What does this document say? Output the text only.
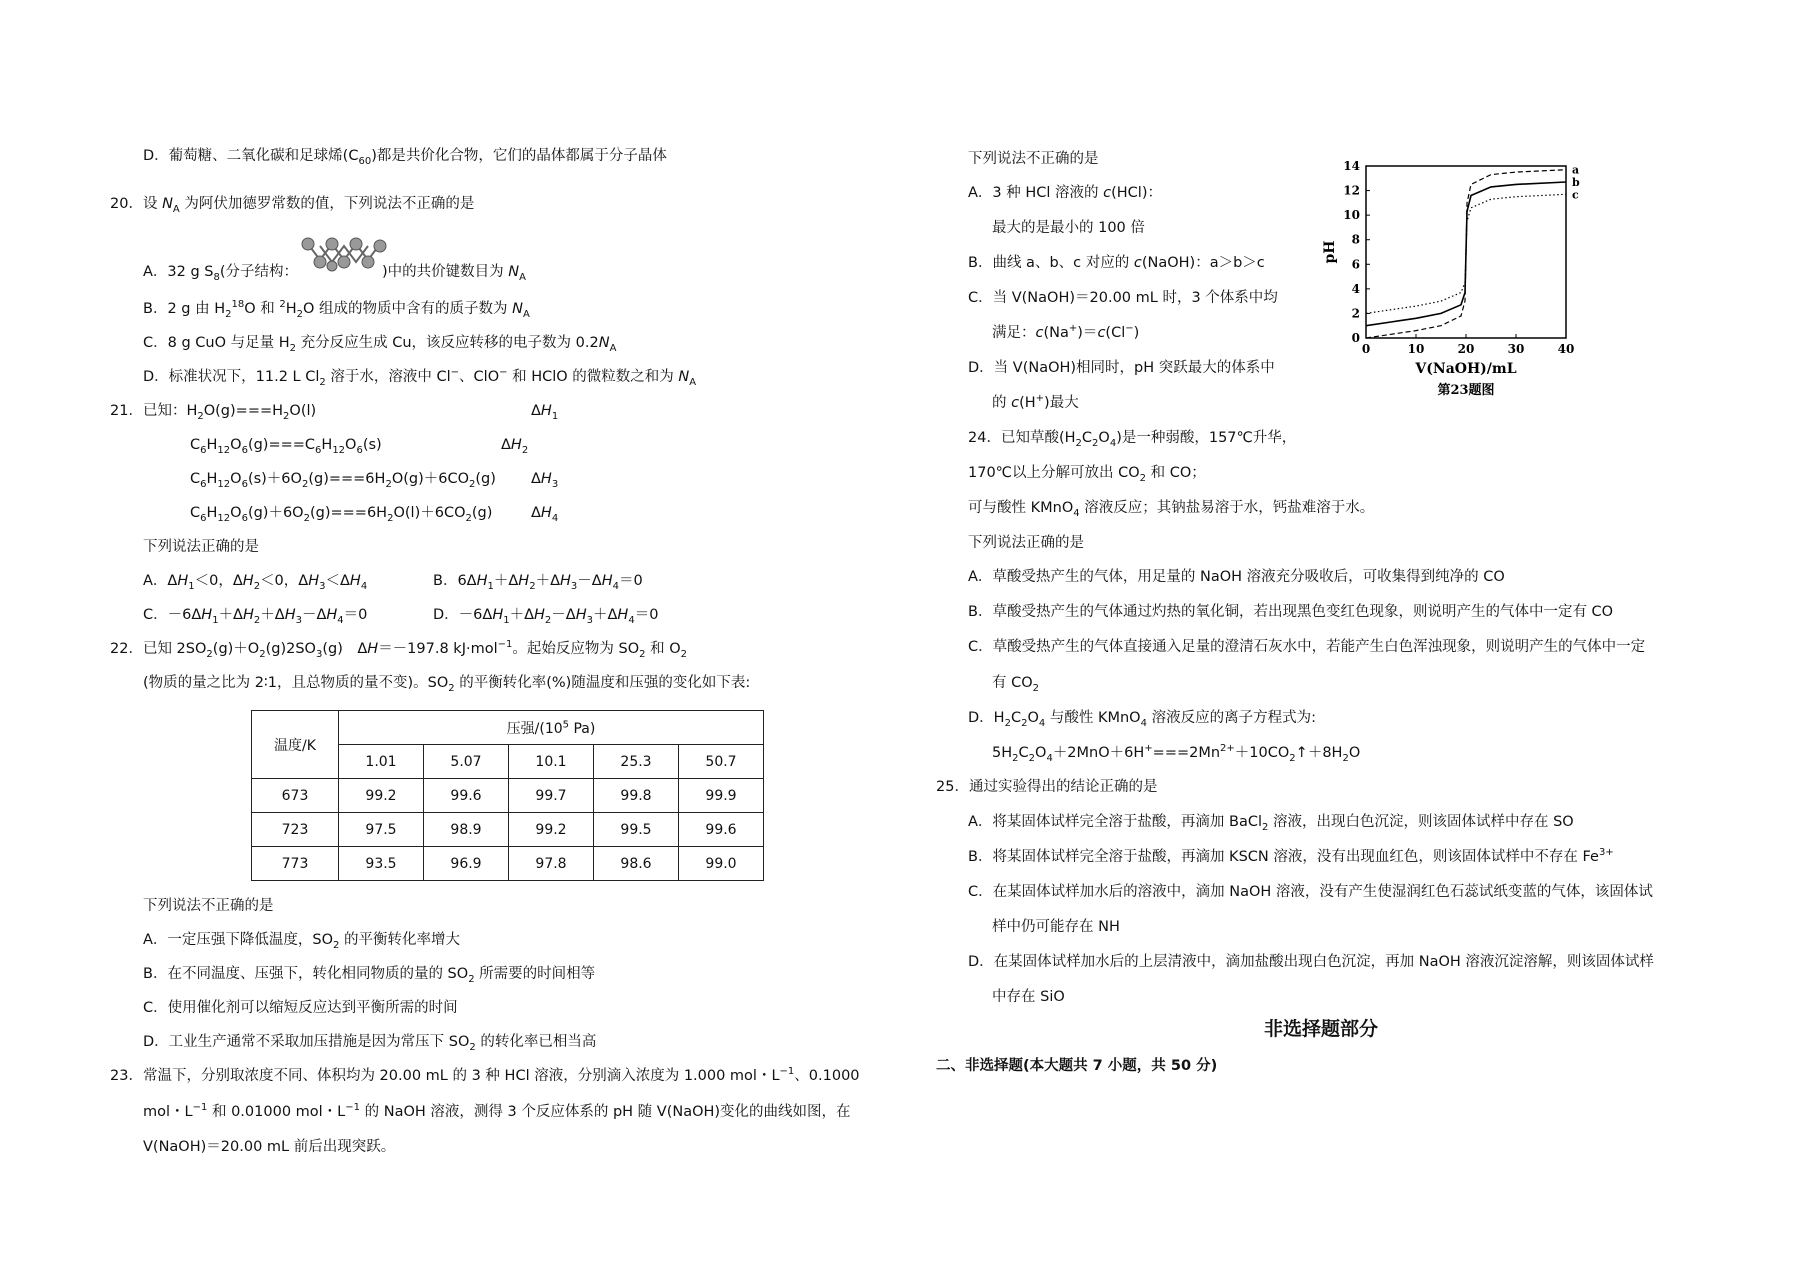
D．葡萄糖、二氧化碳和足球烯$(C_{60})$都是共价化合物，它们的晶体都属于分子晶体
20．设 $N_A$ 为阿伏加德罗常数的值，下列说法不正确的是
A．32 g $S_8$(分子结构：	)中的共价键数目为 $N_A$
B．2 g 由 $H_2^{18}O$ 和 $^2H_2O$ 组成的物质中含有的质子数为 $N_A$
C．8 g CuO 与足量 $H_2$ 充分反应生成 Cu，该反应转移的电子数为 $0.2N_A$
D．标准状况下，11.2 L $Cl_2$ 溶于水，溶液中 Cl−、ClO− 和 HClO 的微粒数之和为 $N_A$
21．已知：$H_2O(g)===H_2O(l)$	$\Delta H_1$
$C_6H_{12}O_6(g)===C_6H_{12}O_6(s)$	$\Delta H_2$
$C_6H_{12}O_6(s)+6O_2(g)===6H_2O(g)+6CO_2(g)$ $\Delta H_3$
$C_6H_{12}O_6(g)+6O_2(g)===6H_2O(l)+6CO_2(g)$	$\Delta H_4$
下列说法正确的是
A．$\Delta H_1<0$，$\Delta H_2<0$，$\Delta H_3<\Delta H_4$	B．$6\Delta H_1+\Delta H_2+\Delta H_3-\Delta H_4=0$
C．$-6\Delta H_1+\Delta H_2+\Delta H_3-\Delta H_4=0$	D．$-6\Delta H_1+\Delta H_2-\Delta H_3+\Delta H_4=0$
22．已知 $2SO_2(g)+O_2(g)2SO_3(g)$　ΔH＝－197.8 kJ·mol$^{-1}$。起始反应物为 $SO_2$ 和 $O_2$
(物质的量之比为 2∶1，且总物质的量不变)。$SO_2$ 的平衡转化率(%)随温度和压强的变化如下表:
温度/K	压强$/(10^5$ Pa)				
	1.01	5.07	10.1	25.3	50.7
673	99.2	99.6	99.7	99.8	99.9
723	97.5	98.9	99.2	99.5	99.6
773	93.5	96.9	97.8	98.6	99.0
下列说法不正确的是
A．一定压强下降低温度，$SO_2$ 的平衡转化率增大
B．在不同温度、压强下，转化相同物质的量的 $SO_2$ 所需要的时间相等
C．使用催化剂可以缩短反应达到平衡所需的时间
D．工业生产通常不采取加压措施是因为常压下 $SO_2$ 的转化率已相当高
23．常温下，分别取浓度不同、体积均为 20.00 mL 的 3 种 HCl 溶液，分别滴入浓度为 1.000 mol・$L^{-1}$、0.1000
mol・$L^{-1}$ 和 0.01000 mol・$L^{-1}$ 的 NaOH 溶液，测得 3 个反应体系的 pH 随 V(NaOH)变化的曲线如图，在
V(NaOH)＝20.00 mL 前后出现突跃。
下列说法不正确的是
A．3 种 HCl 溶液的 c(HCl)：
最大的是最小的 100 倍
B．曲线 a、b、c 对应的 c(NaOH)：a＞b＞c
C．当 V(NaOH)＝20.00 mL 时，3 个体系中均
满足：c(Na+)＝c(Cl−)
D．当 V(NaOH)相同时，pH 突跃最大的体系中
的 c(H+)最大
0
2
4
6
8
10
12
14
0	10	20	30	40
a
b
c
pH
V(NaOH)/mL
第23题图
24．已知草酸$(H_2C_2O_4)$是一种弱酸，157℃升华，
170℃以上分解可放出 $CO_2$ 和 CO；
可与酸性 KMnO$_4$ 溶液反应；其钠盐易溶于水，钙盐难溶于水。
下列说法正确的是
A．草酸受热产生的气体，用足量的 NaOH 溶液充分吸收后，可收集得到纯净的 CO
B．草酸受热产生的气体通过灼热的氧化铜，若出现黑色变红色现象，则说明产生的气体中一定有 CO
C．草酸受热产生的气体直接通入足量的澄清石灰水中，若能产生白色浑浊现象，则说明产生的气体中一定
有 $CO_2$
D．$H_2C_2O_4$ 与酸性 KMnO$_4$ 溶液反应的离子方程式为:
$5H_2C_2O_4+2MnO+6H^+===2Mn^{2+}+10CO_2↑+8H_2O$
25．通过实验得出的结论正确的是
A．将某固体试样完全溶于盐酸，再滴加 BaCl$_2$ 溶液，出现白色沉淀，则该固体试样中存在 SO
B．将某固体试样完全溶于盐酸，再滴加 KSCN 溶液，没有出现血红色，则该固体试样中不存在 $Fe^{3+}$
C．在某固体试样加水后的溶液中，滴加 NaOH 溶液，没有产生使湿润红色石蕊试纸变蓝的气体，该固体试
样中仍可能存在 NH
D．在某固体试样加水后的上层清液中，滴加盐酸出现白色沉淀，再加 NaOH 溶液沉淀溶解，则该固体试样
中存在 SiO
非选择题部分
二、非选择题(本大题共 7 小题，共 50 分)
